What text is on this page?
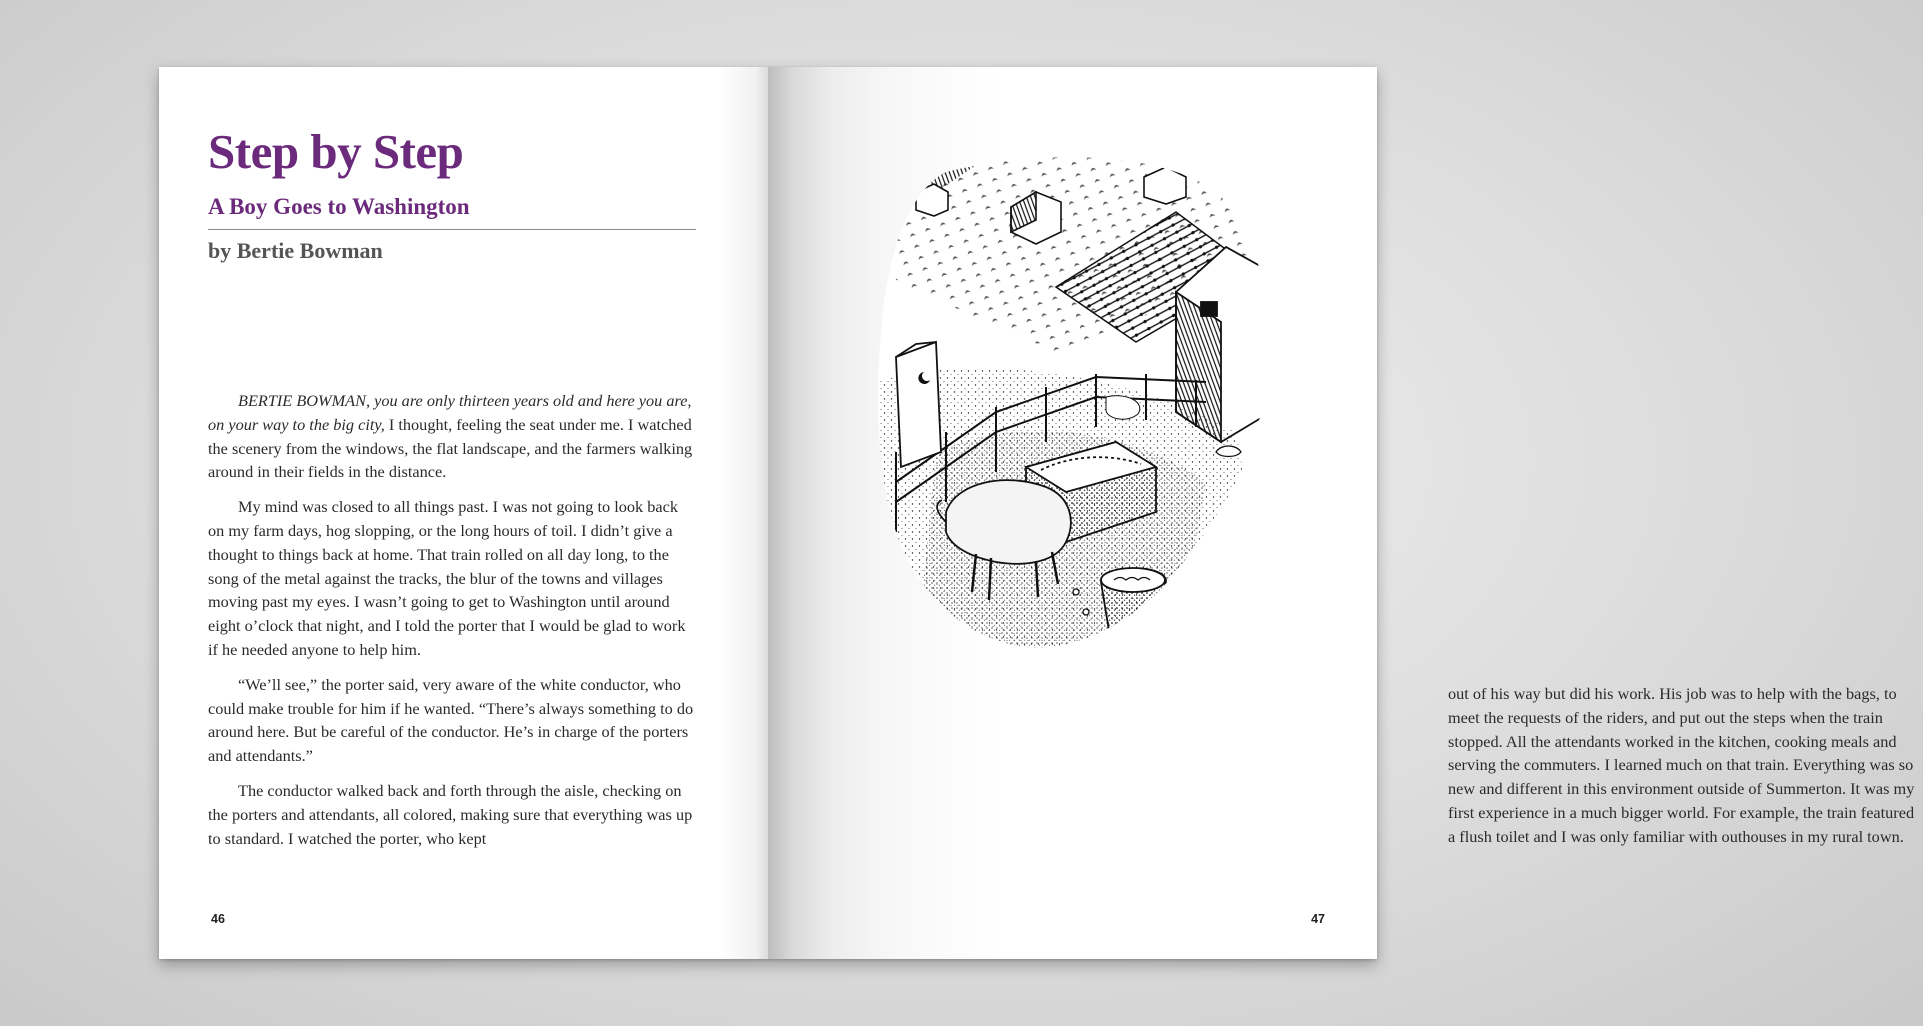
Step by Step
A Boy Goes to Washington
by Bertie Bowman

BERTIE BOWMAN, you are only thirteen years old and here you are, on your way to the big city, I thought, feeling the seat under me. I watched the scenery from the windows, the flat landscape, and the farmers walking around in their fields in the distance.

My mind was closed to all things past. I was not going to look back on my farm days, hog slopping, or the long hours of toil. I didn’t give a thought to things back at home. That train rolled on all day long, to the song of the metal against the tracks, the blur of the towns and villages moving past my eyes. I wasn’t going to get to Washington until around eight o’clock that night, and I told the porter that I would be glad to work if he needed anyone to help him.

“We’ll see,” the porter said, very aware of the white conductor, who could make trouble for him if he wanted. “There’s always something to do around here. But be careful of the conductor. He’s in charge of the porters and attendants.”

The conductor walked back and forth through the aisle, checking on the porters and attendants, all colored, making sure that everything was up to standard. I watched the porter, who kept

46

out of his way but did his work. His job was to help with the bags, to meet the requests of the riders, and put out the steps when the train stopped. All the attendants worked in the kitchen, cooking meals and serving the commuters. I learned much on that train. Everything was so new and different in this environment outside of Summerton. It was my first experience in a much bigger world. For example, the train featured a flush toilet and I was only familiar with outhouses in my rural town.

47
